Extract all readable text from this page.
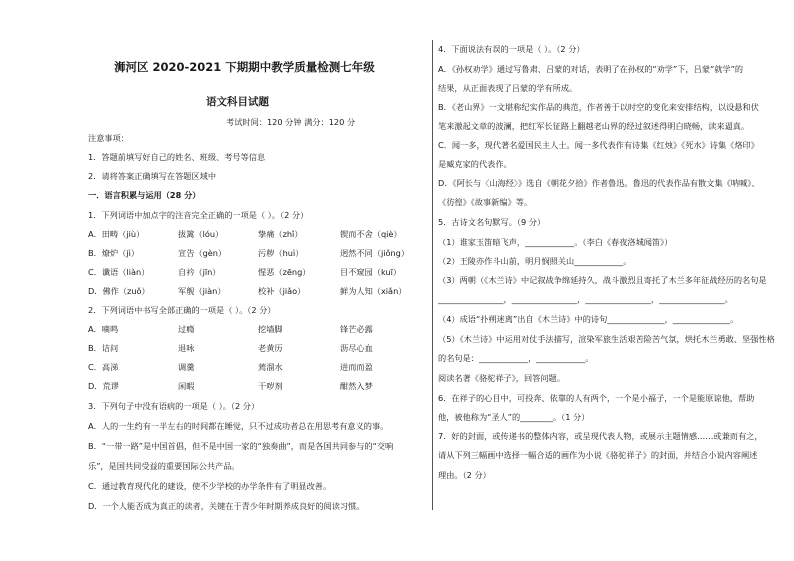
浉河区 2020-2021 下期期中教学质量检测七年级
语文科目试题
考试时间：120 分钟 满分：120 分
注意事项：
1．答题前填写好自己的姓名、班级、考号等信息
2．请将答案正确填写在答题区域中
一．语言积累与运用（28 分）
1．下列词语中加点字的注音完全正确的一项是（ ）。（2 分）
A．田畴（jiù）	拔篱（lóu）	挚痛（zhǐ）	锲而不舍（qiè）
B．燎炉（jì）	宣告（gèn）	污秽（huì）	迥然不同（jiǒng）
C．谶语（liàn）	自衿（jīn）	惺恶（zēng）	目不窥园（kuī）
D．佛作（zuǒ）	军舰（jiàn）	校补（jiǎo）	鲜为人知（xiǎn）
2．下列词语中书写全部正确的一项是（ ）。（2 分）
A．嘀鸣	过瘾	挖墙脚	锋芒必露
B．诘问	退咏	老黄历	沥尽心血
C．高涕	调羹	蔫溜水	进而而盈
D．荒谬	闲暇	干哕剂	酣然入梦
3．下列句子中没有语病的一项是（ ）。（2 分）
A．人的一生约有一半左右的时间都在睡觉，只不过成功者总在用思考有意义的事。
B．“一带一路”是中国首倡，但不是中国一家的“独奏曲”，而是各国共同参与的“交响
乐”，是国共同受益的重要国际公共产品。
C．通过教育现代化的建设，使不少学校的办学条件有了明显改善。
D．一个人能否成为真正的读者，关键在于青少年时期养成良好的阅读习惯。
4．下面说法有误的一项是（ ）。（2 分）
A．《孙权劝学》通过写鲁肃、吕蒙的对话，表明了在孙权的“劝学”下，吕蒙“就学”的
结果，从正面表现了吕蒙的学有所成。
B．《老山界》一文堪称纪实作品的典范，作者善于以时空的变化来安排结构，以设悬和伏
笔来激起文章的波澜，把红军长征路上翻越老山界的经过叙述得明白晓畅，读来逼真。
C．闻一多，现代著名爱国民主人士。闻一多代表作有诗集《红烛》《死水》诗集《烙印》
是臧克家的代表作。
D．《阿长与〈山海经〉》选自《朝花夕拾》作者鲁迅。鲁迅的代表作品有散文集《呐喊》、
《彷徨》《故事新编》等。
5．古诗文名句默写。（9 分）
（1）谁家玉笛暗飞声，____________。（李白《春夜洛城闻笛》）
（2）王陵亦作斗山前，明月悯照关山____________。
（3）两朝（《木兰诗》中记叙战争绵延持久，战斗激烈且寄托了木兰多年征战经历的名句是
________________，________________，________________，________________。
（4）成语“扑朔迷离”出自《木兰诗》中的诗句______________，______________。
（5）《木兰诗》中运用对仗手法描写，渲染军旅生活艰苦险苦气氛，烘托木兰勇敢、坚强性格
的名句是：____________，____________。
阅读名著《骆驼祥子》，回答问题。
6．在祥子的心目中，可投奔、依靠的人有两个，一个是小福子，一个是能原谅他，帮助
他，被他称为“圣人”的________。（1 分）
7．好的封面，或传递书的整体内容，或呈现代表人物，或展示主题情感……或兼而有之，
请从下列三幅画中选择一幅合适的画作为小说《骆驼祥子》的封面，并结合小说内容阐述
理由。（2 分）
